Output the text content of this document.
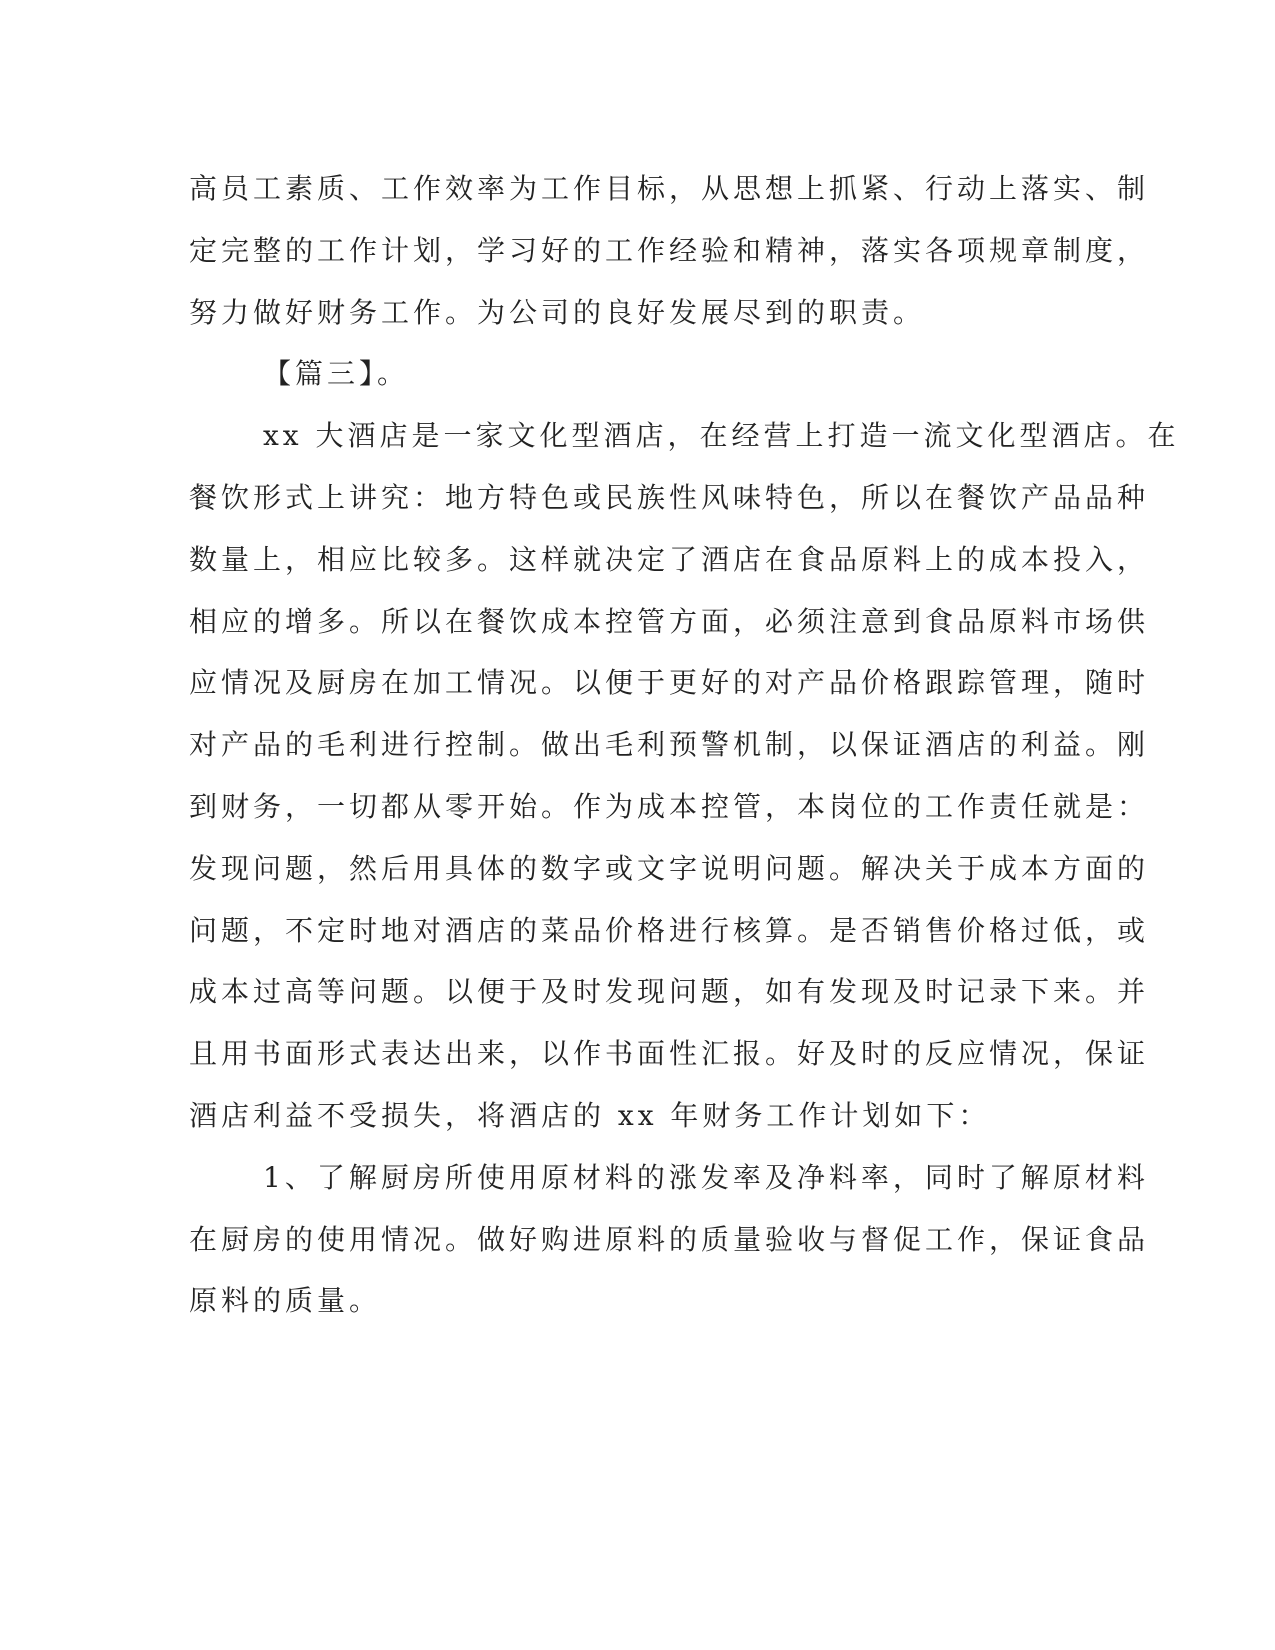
高员工素质、工作效率为工作目标，从思想上抓紧、行动上落实、制
定完整的工作计划，学习好的工作经验和精神，落实各项规章制度，
努力做好财务工作。为公司的良好发展尽到的职责。
【篇三】。
xx 大酒店是一家文化型酒店，在经营上打造一流文化型酒店。在
餐饮形式上讲究：地方特色或民族性风味特色，所以在餐饮产品品种
数量上，相应比较多。这样就决定了酒店在食品原料上的成本投入，
相应的增多。所以在餐饮成本控管方面，必须注意到食品原料市场供
应情况及厨房在加工情况。以便于更好的对产品价格跟踪管理，随时
对产品的毛利进行控制。做出毛利预警机制，以保证酒店的利益。刚
到财务，一切都从零开始。作为成本控管，本岗位的工作责任就是：
发现问题，然后用具体的数字或文字说明问题。解决关于成本方面的
问题，不定时地对酒店的菜品价格进行核算。是否销售价格过低，或
成本过高等问题。以便于及时发现问题，如有发现及时记录下来。并
且用书面形式表达出来，以作书面性汇报。好及时的反应情况，保证
酒店利益不受损失，将酒店的 xx 年财务工作计划如下：
1、了解厨房所使用原材料的涨发率及净料率，同时了解原材料
在厨房的使用情况。做好购进原料的质量验收与督促工作，保证食品
原料的质量。
